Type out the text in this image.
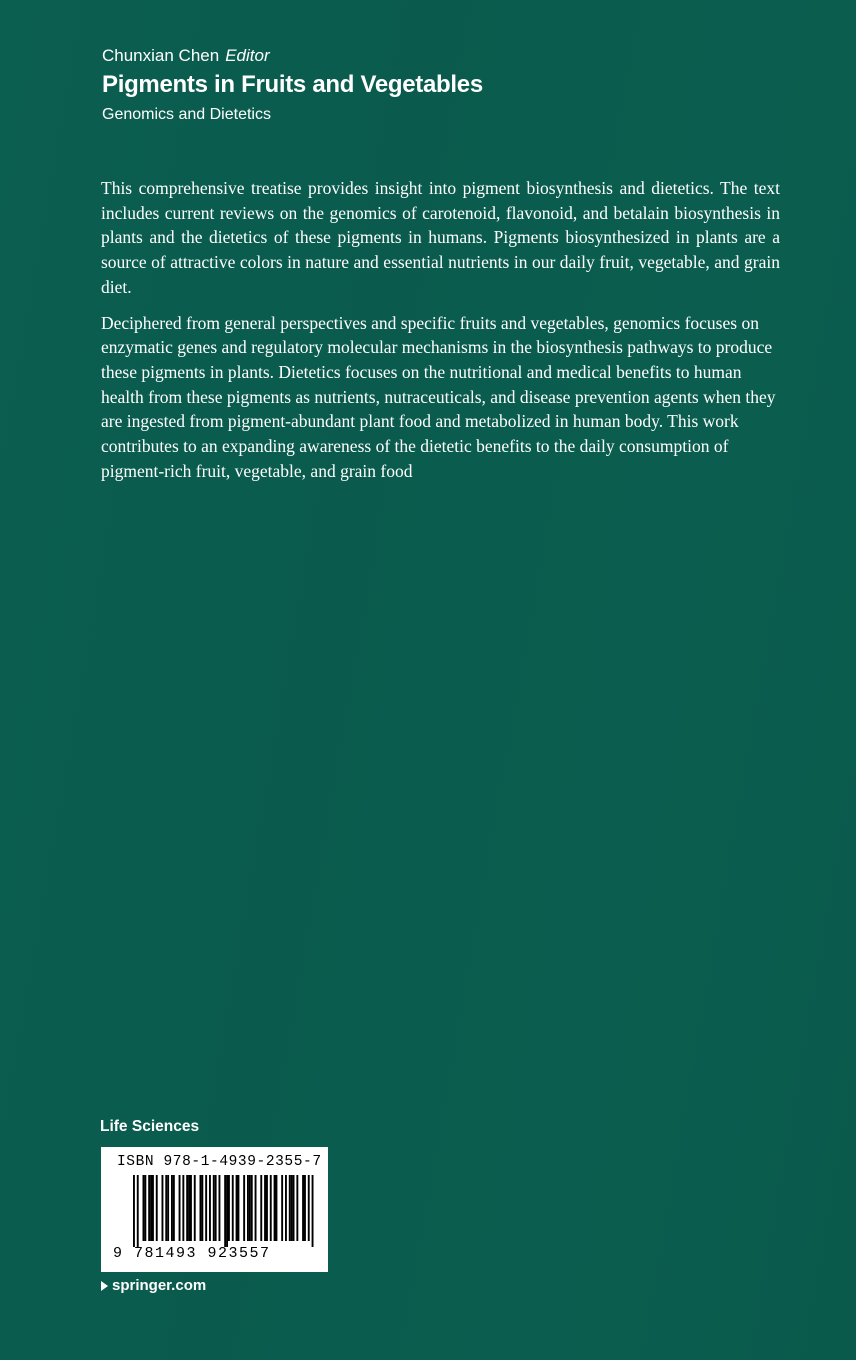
Chunxian Chen Editor
Pigments in Fruits and Vegetables
Genomics and Dietetics

This comprehensive treatise provides insight into pigment biosynthesis and dietetics. The text includes current reviews on the genomics of carotenoid, flavonoid, and betalain biosynthesis in plants and the dietetics of these pigments in humans. Pigments biosynthesized in plants are a source of attractive colors in nature and essential nutrients in our daily fruit, vegetable, and grain diet.

Deciphered from general perspectives and specific fruits and vegetables, genomics focuses on enzymatic genes and regulatory molecular mechanisms in the biosynthesis pathways to produce these pigments in plants. Dietetics focuses on the nutritional and medical benefits to human health from these pigments as nutrients, nutraceuticals, and disease prevention agents when they are ingested from pigment-abundant plant food and metabolized in human body. This work contributes to an expanding awareness of the dietetic benefits to the daily consumption of pigment-rich fruit, vegetable, and grain food

Life Sciences
ISBN 978-1-4939-2355-7
9 781493 923557
springer.com
